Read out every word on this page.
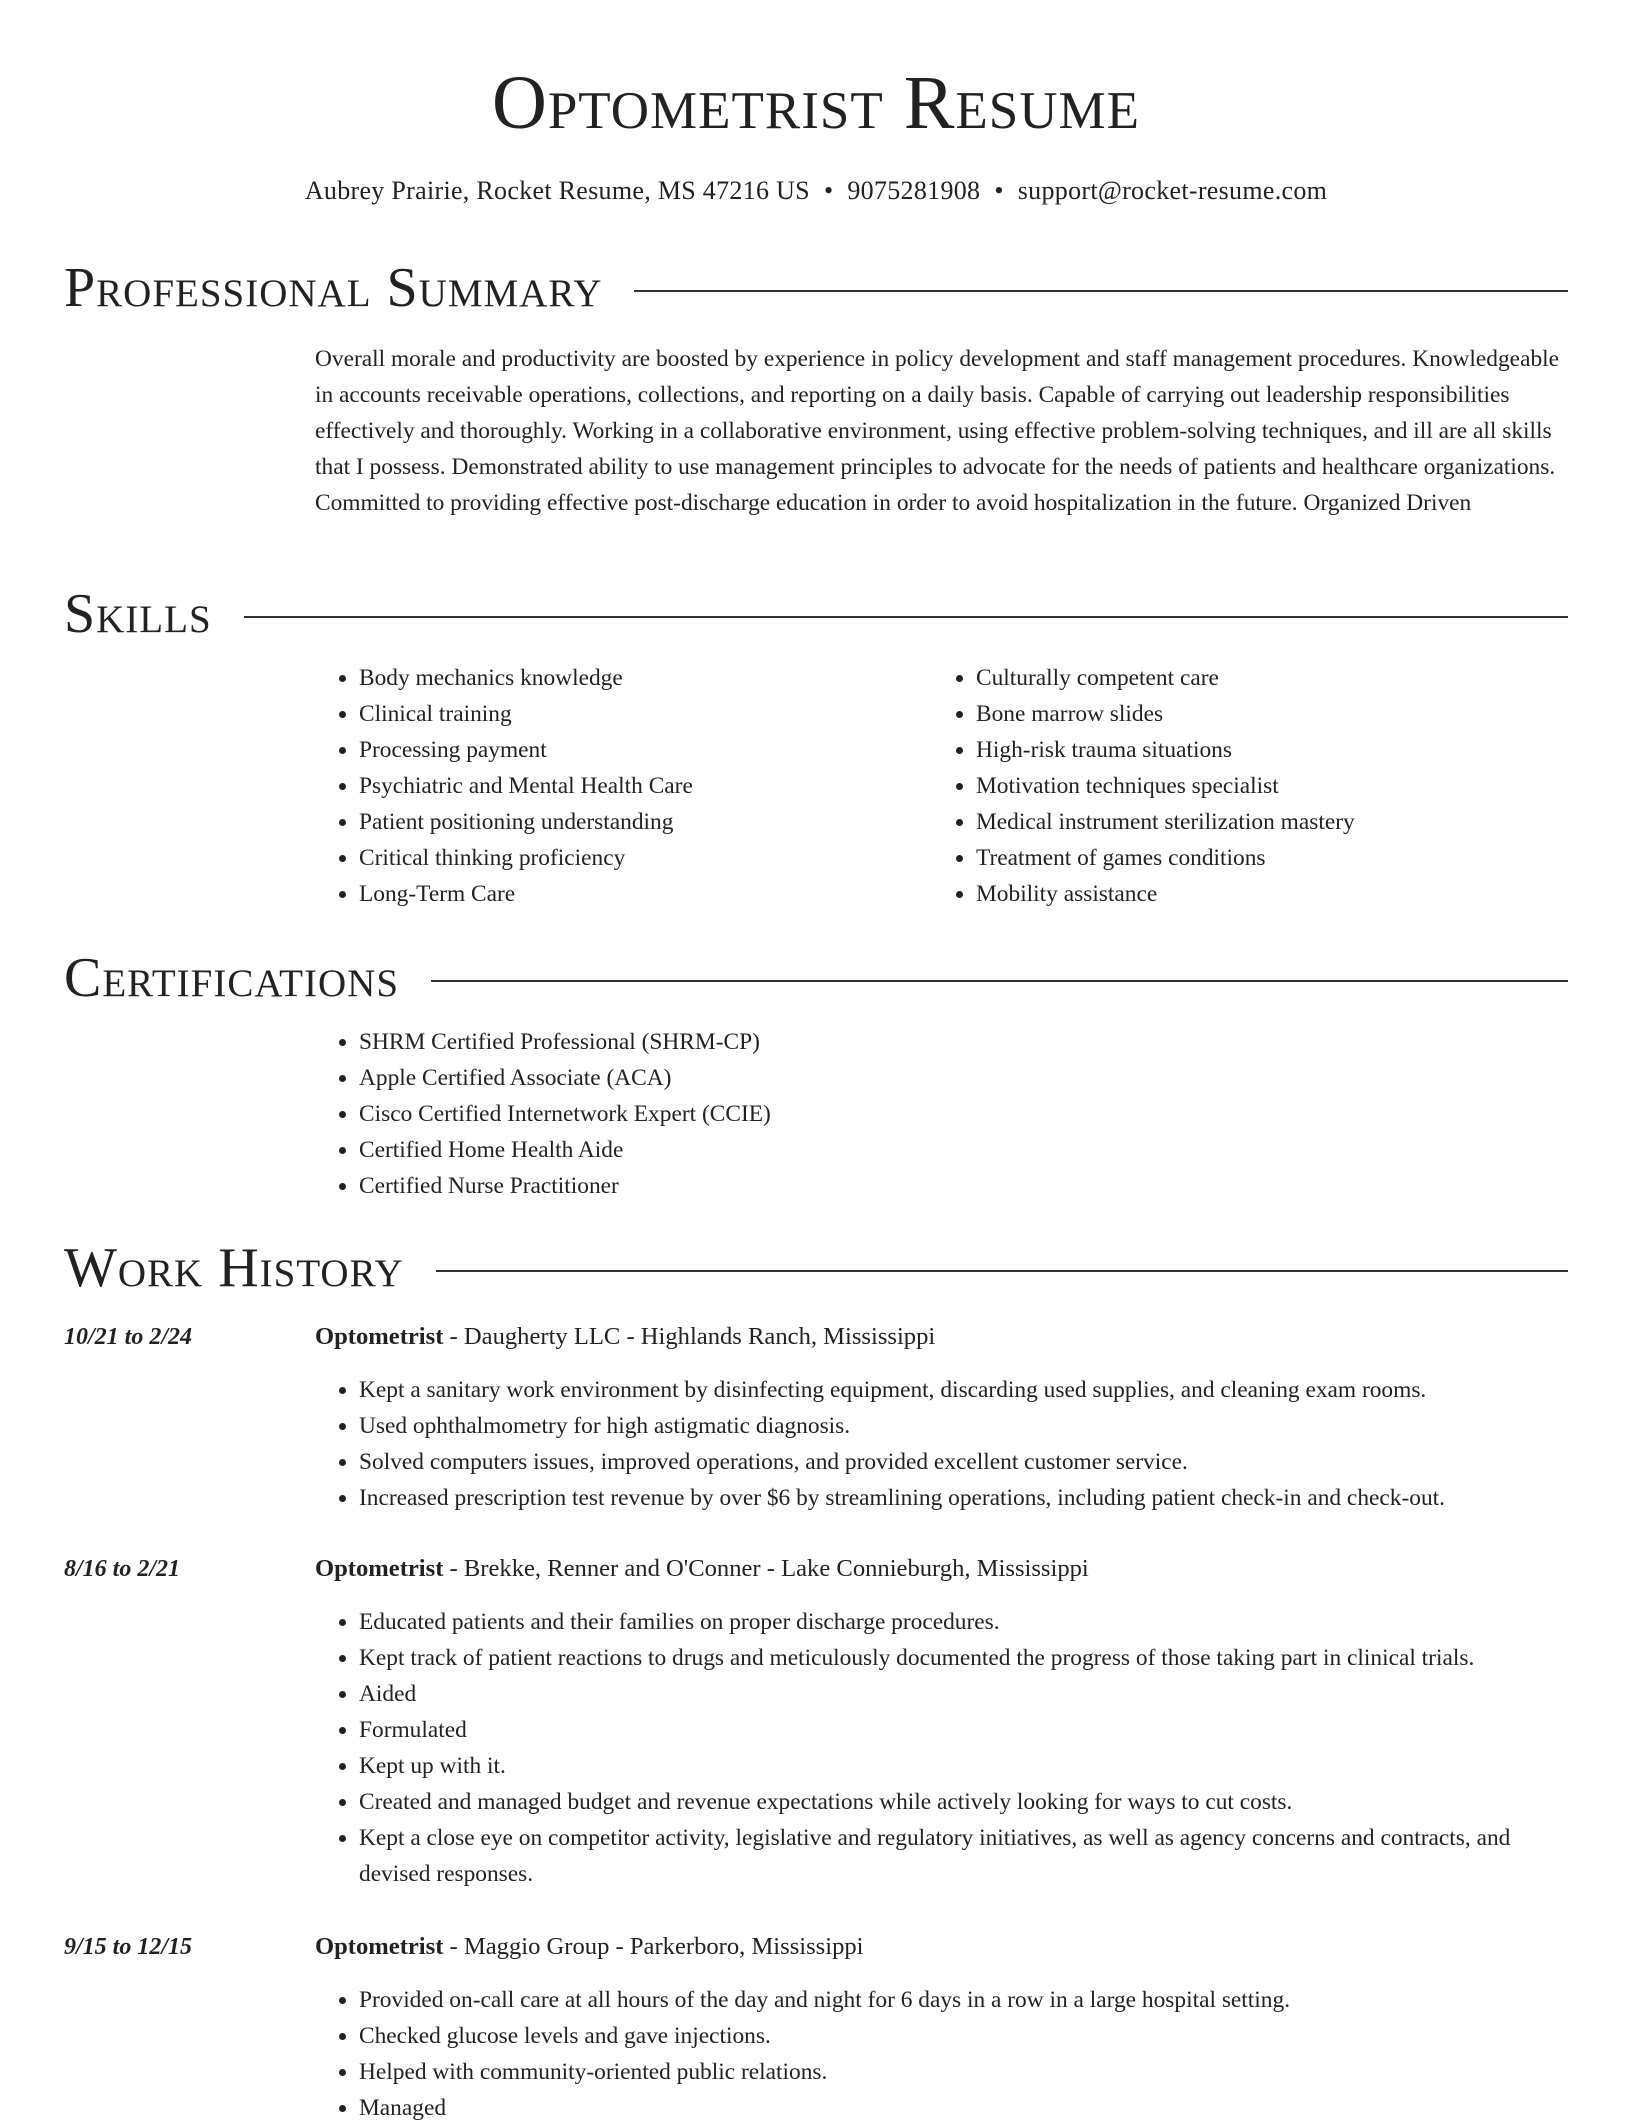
Optometrist Resume
Aubrey Prairie, Rocket Resume, MS 47216 US • 9075281908 • support@rocket-resume.com
Professional Summary

Overall morale and productivity are boosted by experience in policy development and staff management procedures. Knowledgeable in accounts receivable operations, collections, and reporting on a daily basis. Capable of carrying out leadership responsibilities effectively and thoroughly. Working in a collaborative environment, using effective problem-solving techniques, and ill are all skills that I possess. Demonstrated ability to use management principles to advocate for the needs of patients and healthcare organizations. Committed to providing effective post-discharge education in order to avoid hospitalization in the future. Organized Driven

Skills
• Body mechanics knowledge
• Clinical training
• Processing payment
• Psychiatric and Mental Health Care
• Patient positioning understanding
• Critical thinking proficiency
• Long-Term Care
• Culturally competent care
• Bone marrow slides
• High-risk trauma situations
• Motivation techniques specialist
• Medical instrument sterilization mastery
• Treatment of games conditions
• Mobility assistance
Certifications
• SHRM Certified Professional (SHRM-CP)
• Apple Certified Associate (ACA)
• Cisco Certified Internetwork Expert (CCIE)
• Certified Home Health Aide
• Certified Nurse Practitioner
Work History
10/21 to 2/24	Optometrist - Daugherty LLC - Highlands Ranch, Mississippi
• Kept a sanitary work environment by disinfecting equipment, discarding used supplies, and cleaning exam rooms.
• Used ophthalmometry for high astigmatic diagnosis.
• Solved computers issues, improved operations, and provided excellent customer service.
• Increased prescription test revenue by over $6 by streamlining operations, including patient check-in and check-out.
8/16 to 2/21	Optometrist - Brekke, Renner and O'Conner - Lake Connieburgh, Mississippi
• Educated patients and their families on proper discharge procedures.
• Kept track of patient reactions to drugs and meticulously documented the progress of those taking part in clinical trials.
• Aided
• Formulated
• Kept up with it.
• Created and managed budget and revenue expectations while actively looking for ways to cut costs.
• Kept a close eye on competitor activity, legislative and regulatory initiatives, as well as agency concerns and contracts, and devised responses.
9/15 to 12/15	Optometrist - Maggio Group - Parkerboro, Mississippi
• Provided on-call care at all hours of the day and night for 6 days in a row in a large hospital setting.
• Checked glucose levels and gave injections.
• Helped with community-oriented public relations.
• Managed
